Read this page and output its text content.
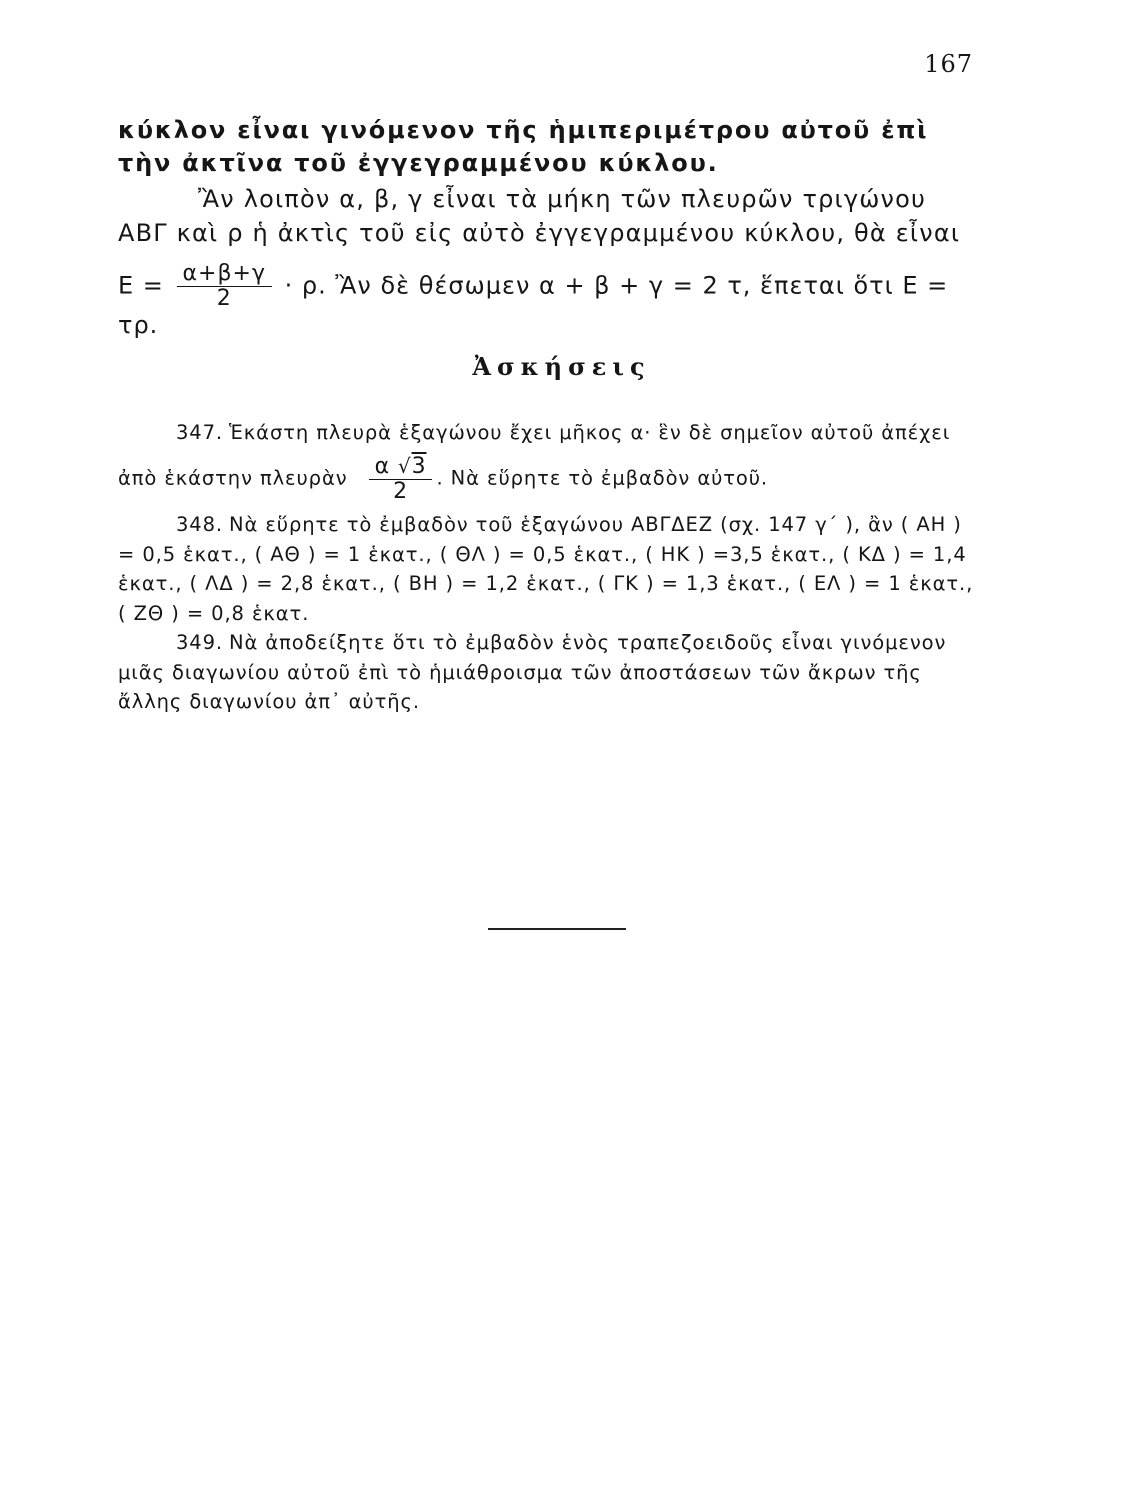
167

κύκλον εἶναι γινόμενον τῆς ἡμιπεριμέτρου αὐτοῦ ἐπὶ τὴν ἀκτῖνα τοῦ ἐγγεγραμμένου κύκλου.

Ἂν λοιπὸν α, β, γ εἶναι τὰ μήκη τῶν πλευρῶν τριγώνου ΑΒΓ καὶ ρ ἡ ἀκτὶς τοῦ εἰς αὐτὸ ἐγγεγραμμένου κύκλου, θὰ εἶναι

$E = \frac{\alpha+\beta+\gamma}{2} \cdot \rho$. Ἂν δὲ θέσωμεν α + β + γ = 2 τ, ἕπεται ὅτι Ε = τρ.
Ἀσκήσεις
347. Ἑκάστη πλευρὰ ἑξαγώνου ἔχει μῆκος α· ἓν δὲ σημεῖον αὐτοῦ ἀπέχει
ἀπὸ ἑκάστην πλευρὰν $\frac{\alpha √3}{2}$ . Νὰ εὕρητε τὸ ἐμβαδὸν αὐτοῦ.

348. Νὰ εὕρητε τὸ ἐμβαδὸν τοῦ ἑξαγώνου ΑΒΓΔΕΖ (σχ. 147 γ΄ ), ἂν ( ΑΗ ) = 0,5 ἑκατ., ( ΑΘ ) = 1 ἑκατ., ( ΘΛ ) = 0,5 ἑκατ., ( ΗΚ ) =3,5 ἑκατ., ( ΚΔ ) = 1,4 ἑκατ., ( ΛΔ ) = 2,8 ἑκατ., ( ΒΗ ) = 1,2 ἑκατ., ( ΓΚ ) = 1,3 ἑκατ., ( ΕΛ ) = 1 ἑκατ., ( ΖΘ ) = 0,8 ἑκατ.

349. Νὰ ἀποδείξητε ὅτι τὸ ἐμβαδὸν ἑνὸς τραπεζοειδοῦς εἶναι γινόμενον μιᾶς διαγωνίου αὐτοῦ ἐπὶ τὸ ἡμιάθροισμα τῶν ἀποστάσεων τῶν ἄκρων τῆς ἄλλης διαγωνίου ἀπ᾽ αὐτῆς.
